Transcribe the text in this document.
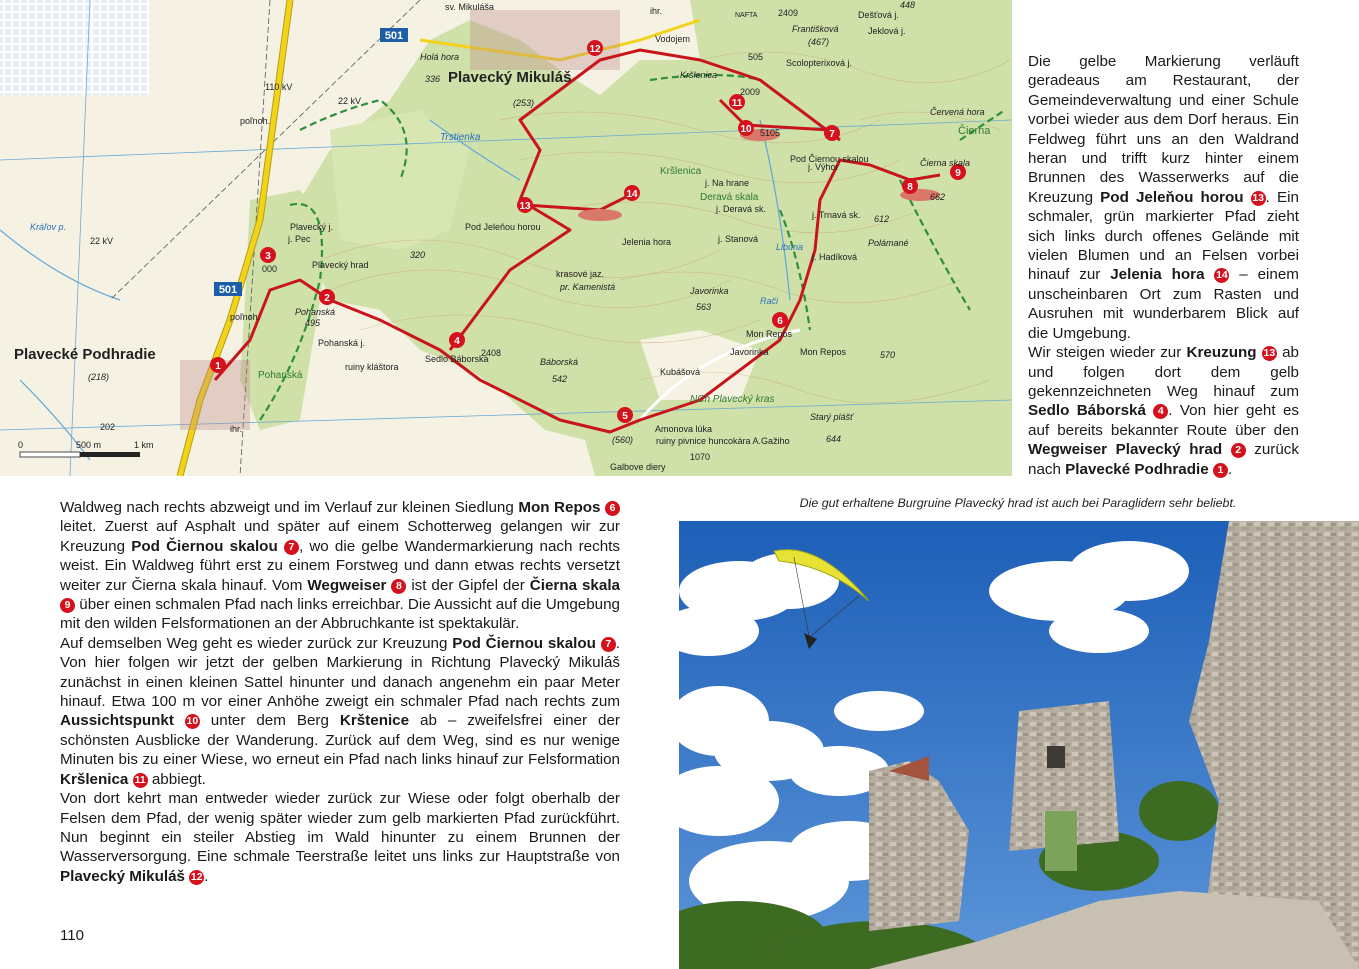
1
2
3
4
5
6
7
8
9
10
11
12
13
14
501
501
sv. Mikuláša
Plavecký Mikuláš
Plavecké Podhradie
Holá hora
336
(253)
(218)
Kršlenica
Kršlenica
Deravá skala
Pod Jeleňou horou
Jelenia hora
Plavecký hrad
Pohanská
495
Pohanská
Pohanská j.
ruiny kláštora
320
Sedlo Báborská	Báborská
542
krasové jaz.
pr. Kamenistá	Javorinka
563
Javorinka	Mon Repos
Mon Repos
NCh Plavecký kras
Starý plášť
644
Kubášová
Amonova lúka
ruiny pivnice huncokára A.Gažiho
(560)
Galbove diery
Čierna skala
662
Polámané
612
570
Františková
(467)
Dešťová j.
Jeklová j.
448
Červená hora
Scolopterixová j.
Vodojem
NAFTA 2409
5105
2408
2009
505
1070
202
000
Trstienka
Kráľov p.	Plavecký j.
j. Pec
j. Na hrane
j. Deravá sk.
j. Stanová
j. Výhor
j. Trnavá sk.
j. Hadíková
Pod Čiernou skalou
Rači
Libuna
poľnoh.
poľnoh.
ihr.
ihr.
Čierna
110 kV
22 kV
22 kV
0	500 m	1 km

Die gelbe Markierung verläuft geradeaus am Restaurant, der Gemeindeverwaltung und einer Schule vorbei wieder aus dem Dorf heraus. Ein Feldweg führt uns an den Waldrand heran und trifft kurz hinter einem Brunnen des Wasserwerks auf die Kreuzung Pod Jeleňou horou 13 . Ein schmaler, grün markierter Pfad zieht sich links durch offenes Gelände mit vielen Blumen und an Felsen vorbei hinauf zur Jelenia hora 14 – einem unscheinbaren Ort zum Rasten und Ausruhen mit wunderbarem Blick auf die Umgebung.

Wir steigen wieder zur Kreuzung 13 ab und folgen dort dem gelb gekennzeichneten Weg hinauf zum Sedlo Báborská 4 . Von hier geht es auf bereits bekannter Route über den Wegweiser Plavecký hrad 2 zurück nach Plavecké Podhradie 1 .

Waldweg nach rechts abzweigt und im Verlauf zur kleinen Siedlung Mon Repos 6 leitet. Zuerst auf Asphalt und später auf einem Schotterweg gelangen wir zur Kreuzung Pod Čiernou skalou 7 , wo die gelbe Wandermarkierung nach rechts weist. Ein Waldweg führt erst zu einem Forstweg und dann etwas rechts versetzt weiter zur Čierna skala hinauf. Vom Wegweiser 8 ist der Gipfel der Čierna skala 9 über einen schmalen Pfad nach links erreichbar. Die Aussicht auf die Umgebung mit den wilden Felsformationen an der Abbruchkante ist spektakulär.

Auf demselben Weg geht es wieder zurück zur Kreuzung Pod Čiernou skalou 7 . Von hier folgen wir jetzt der gelben Markierung in Richtung Plavecký Mikuláš zunächst in einen kleinen Sattel hinunter und danach angenehm ein paar Meter hinauf. Etwa 100 m vor einer Anhöhe zweigt ein schmaler Pfad nach rechts zum Aussichtspunkt 10 unter dem Berg Krštenice ab – zweifelsfrei einer der schönsten Ausblicke der Wanderung. Zurück auf dem Weg, sind es nur wenige Minuten bis zu einer Wiese, wo erneut ein Pfad nach links hinauf zur Felsformation Kršlenica 11 abbiegt.

Von dort kehrt man entweder wieder zurück zur Wiese oder folgt oberhalb der Felsen dem Pfad, der wenig später wieder zum gelb markierten Pfad zurückführt. Nun beginnt ein steiler Abstieg im Wald hinunter zu einem Brunnen der Wasserversorgung. Eine schmale Teerstraße leitet uns links zur Hauptstraße von Plavecký Mikuláš 12 .

Die gut erhaltene Burgruine Plavecký hrad ist auch bei Paraglidern sehr beliebt.
110
